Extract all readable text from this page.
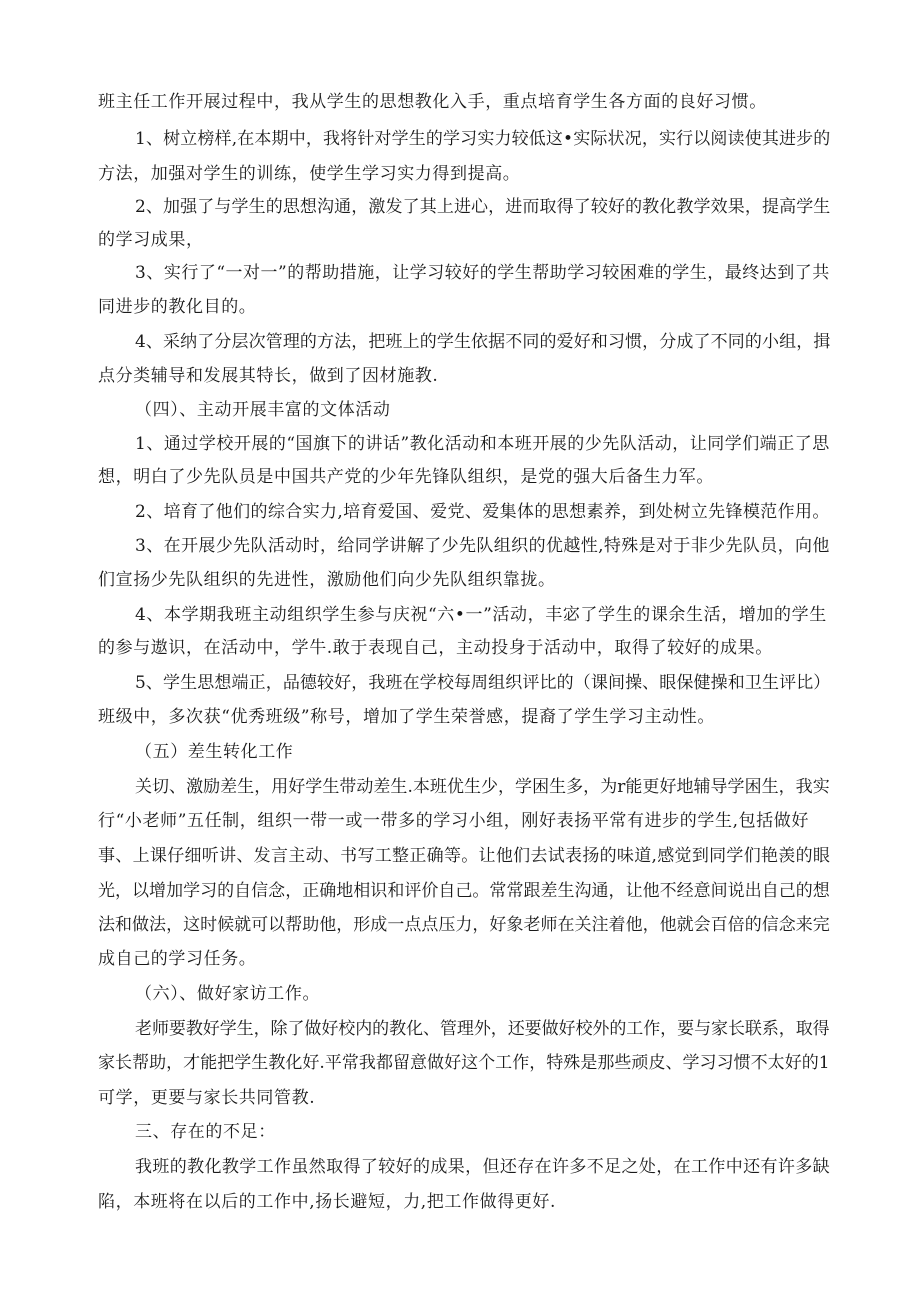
班主任工作开展过程中，我从学生的思想教化入手，重点培育学生各方面的良好习惯。
1、树立榜样,在本期中，我将针对学生的学习实力较低这•实际状况，实行以阅读使其进步的
方法，加强对学生的训练，使学生学习实力得到提高。
2、加强了与学生的思想沟通，激发了其上进心，进而取得了较好的教化教学效果，提高学生
的学习成果，
3、实行了“一对一”的帮助措施，让学习较好的学生帮助学习较困难的学生，最终达到了共
同进步的教化目的。
4、采纳了分层次管理的方法，把班上的学生依据不同的爱好和习惯，分成了不同的小组，揖
点分类辅导和发展其特长，做到了因材施教.
（四）、主动开展丰富的文体活动
1、通过学校开展的“国旗下的讲话”教化活动和本班开展的少先队活动，让同学们端正了思
想，明白了少先队员是中国共产党的少年先锋队组织，是党的强大后备生力军。
2、培育了他们的综合实力,培育爱国、爱党、爱集体的思想素养，到处树立先锋模范作用。
3、在开展少先队活动时，给同学讲解了少先队组织的优越性,特殊是对于非少先队员，向他
们宣扬少先队组织的先进性，激励他们向少先队组织靠拢。
4、本学期我班主动组织学生参与庆祝“六•一”活动，丰宓了学生的课余生活，增加的学生
的参与遨识，在活动中，学牛.敢于表现自己，主动投身于活动中，取得了较好的成果。
5、学生思想端正，品德较好，我班在学校每周组织评比的（课间操、眼保健操和卫生评比）
班级中，多次获“优秀班级”称号，增加了学生荣誉感，提裔了学生学习主动性。
（五）差生转化工作
关切、激励差生，用好学生带动差生.本班优生少，学困生多，为r能更好地辅导学困生，我实
行“小老师”五任制，组织一带一或一带多的学习小组，刚好表扬平常有进步的学生,包括做好
事、上课仔细听讲、发言主动、书写工整正确等。让他们去试表扬的味道,感觉到同学们艳羡的眼
光，以增加学习的自信念，正确地相识和评价自己。常常跟差生沟通，让他不经意间说出自己的想
法和做法，这时候就可以帮助他，形成一点点压力，好象老师在关注着他，他就会百倍的信念来完
成自己的学习任务。
（六）、做好家访工作。
老师要教好学生，除了做好校内的教化、管理外，还要做好校外的工作，要与家长联系，取得
家长帮助，才能把学生教化好.平常我都留意做好这个工作，特殊是那些顽皮、学习习惯不太好的1
可学，更要与家长共同管教.
三、存在的不足：
我班的教化教学工作虽然取得了较好的成果，但还存在许多不足之处，在工作中还有许多缺
陷，本班将在以后的工作中,扬长避短，力,把工作做得更好.
